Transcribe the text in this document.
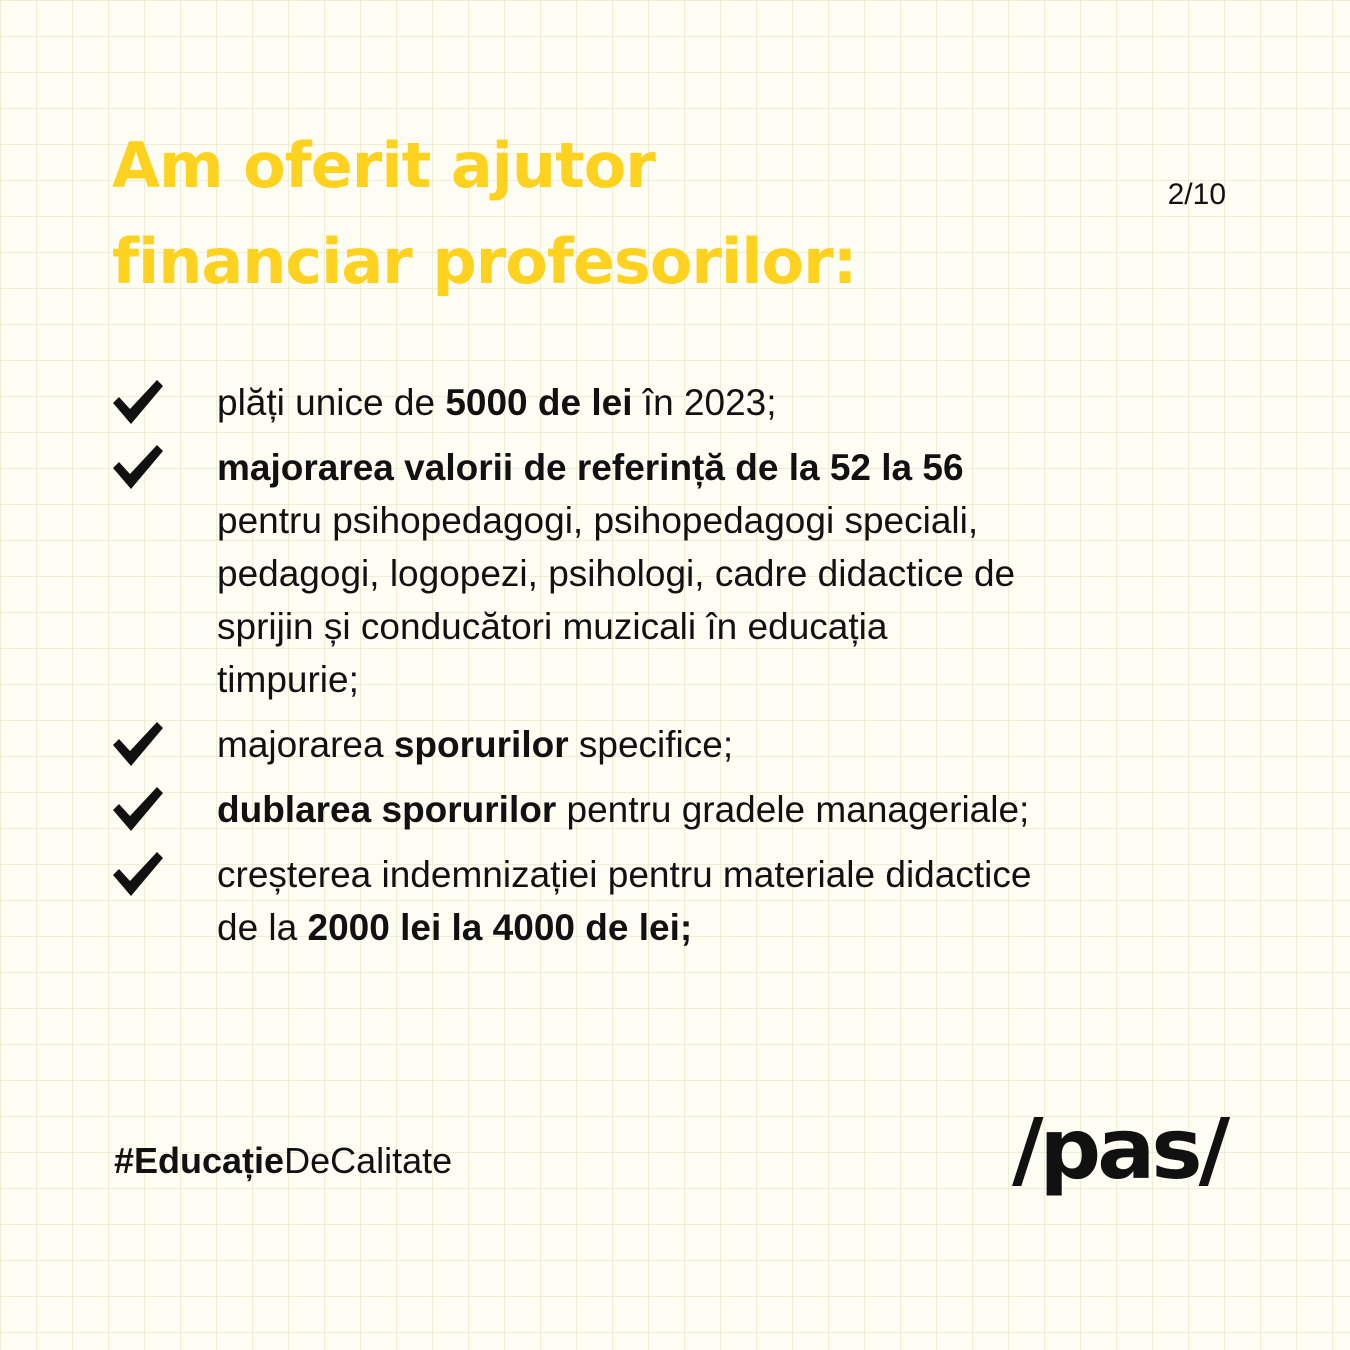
Am oferit ajutor
financiar profesorilor:
2/10
plăți unice de 5000 de lei în 2023;
majorarea valorii de referință de la 52 la 56 pentru psihopedagogi, psihopedagogi speciali, pedagogi, logopezi, psihologi, cadre didactice de sprijin și conducători muzicali în educația timpurie;
majorarea sporurilor specifice;
dublarea sporurilor pentru gradele manageriale;
creșterea indemnizației pentru materiale didactice de la 2000 lei la 4000 de lei;
#EducațieDeCalitate	/pas/
